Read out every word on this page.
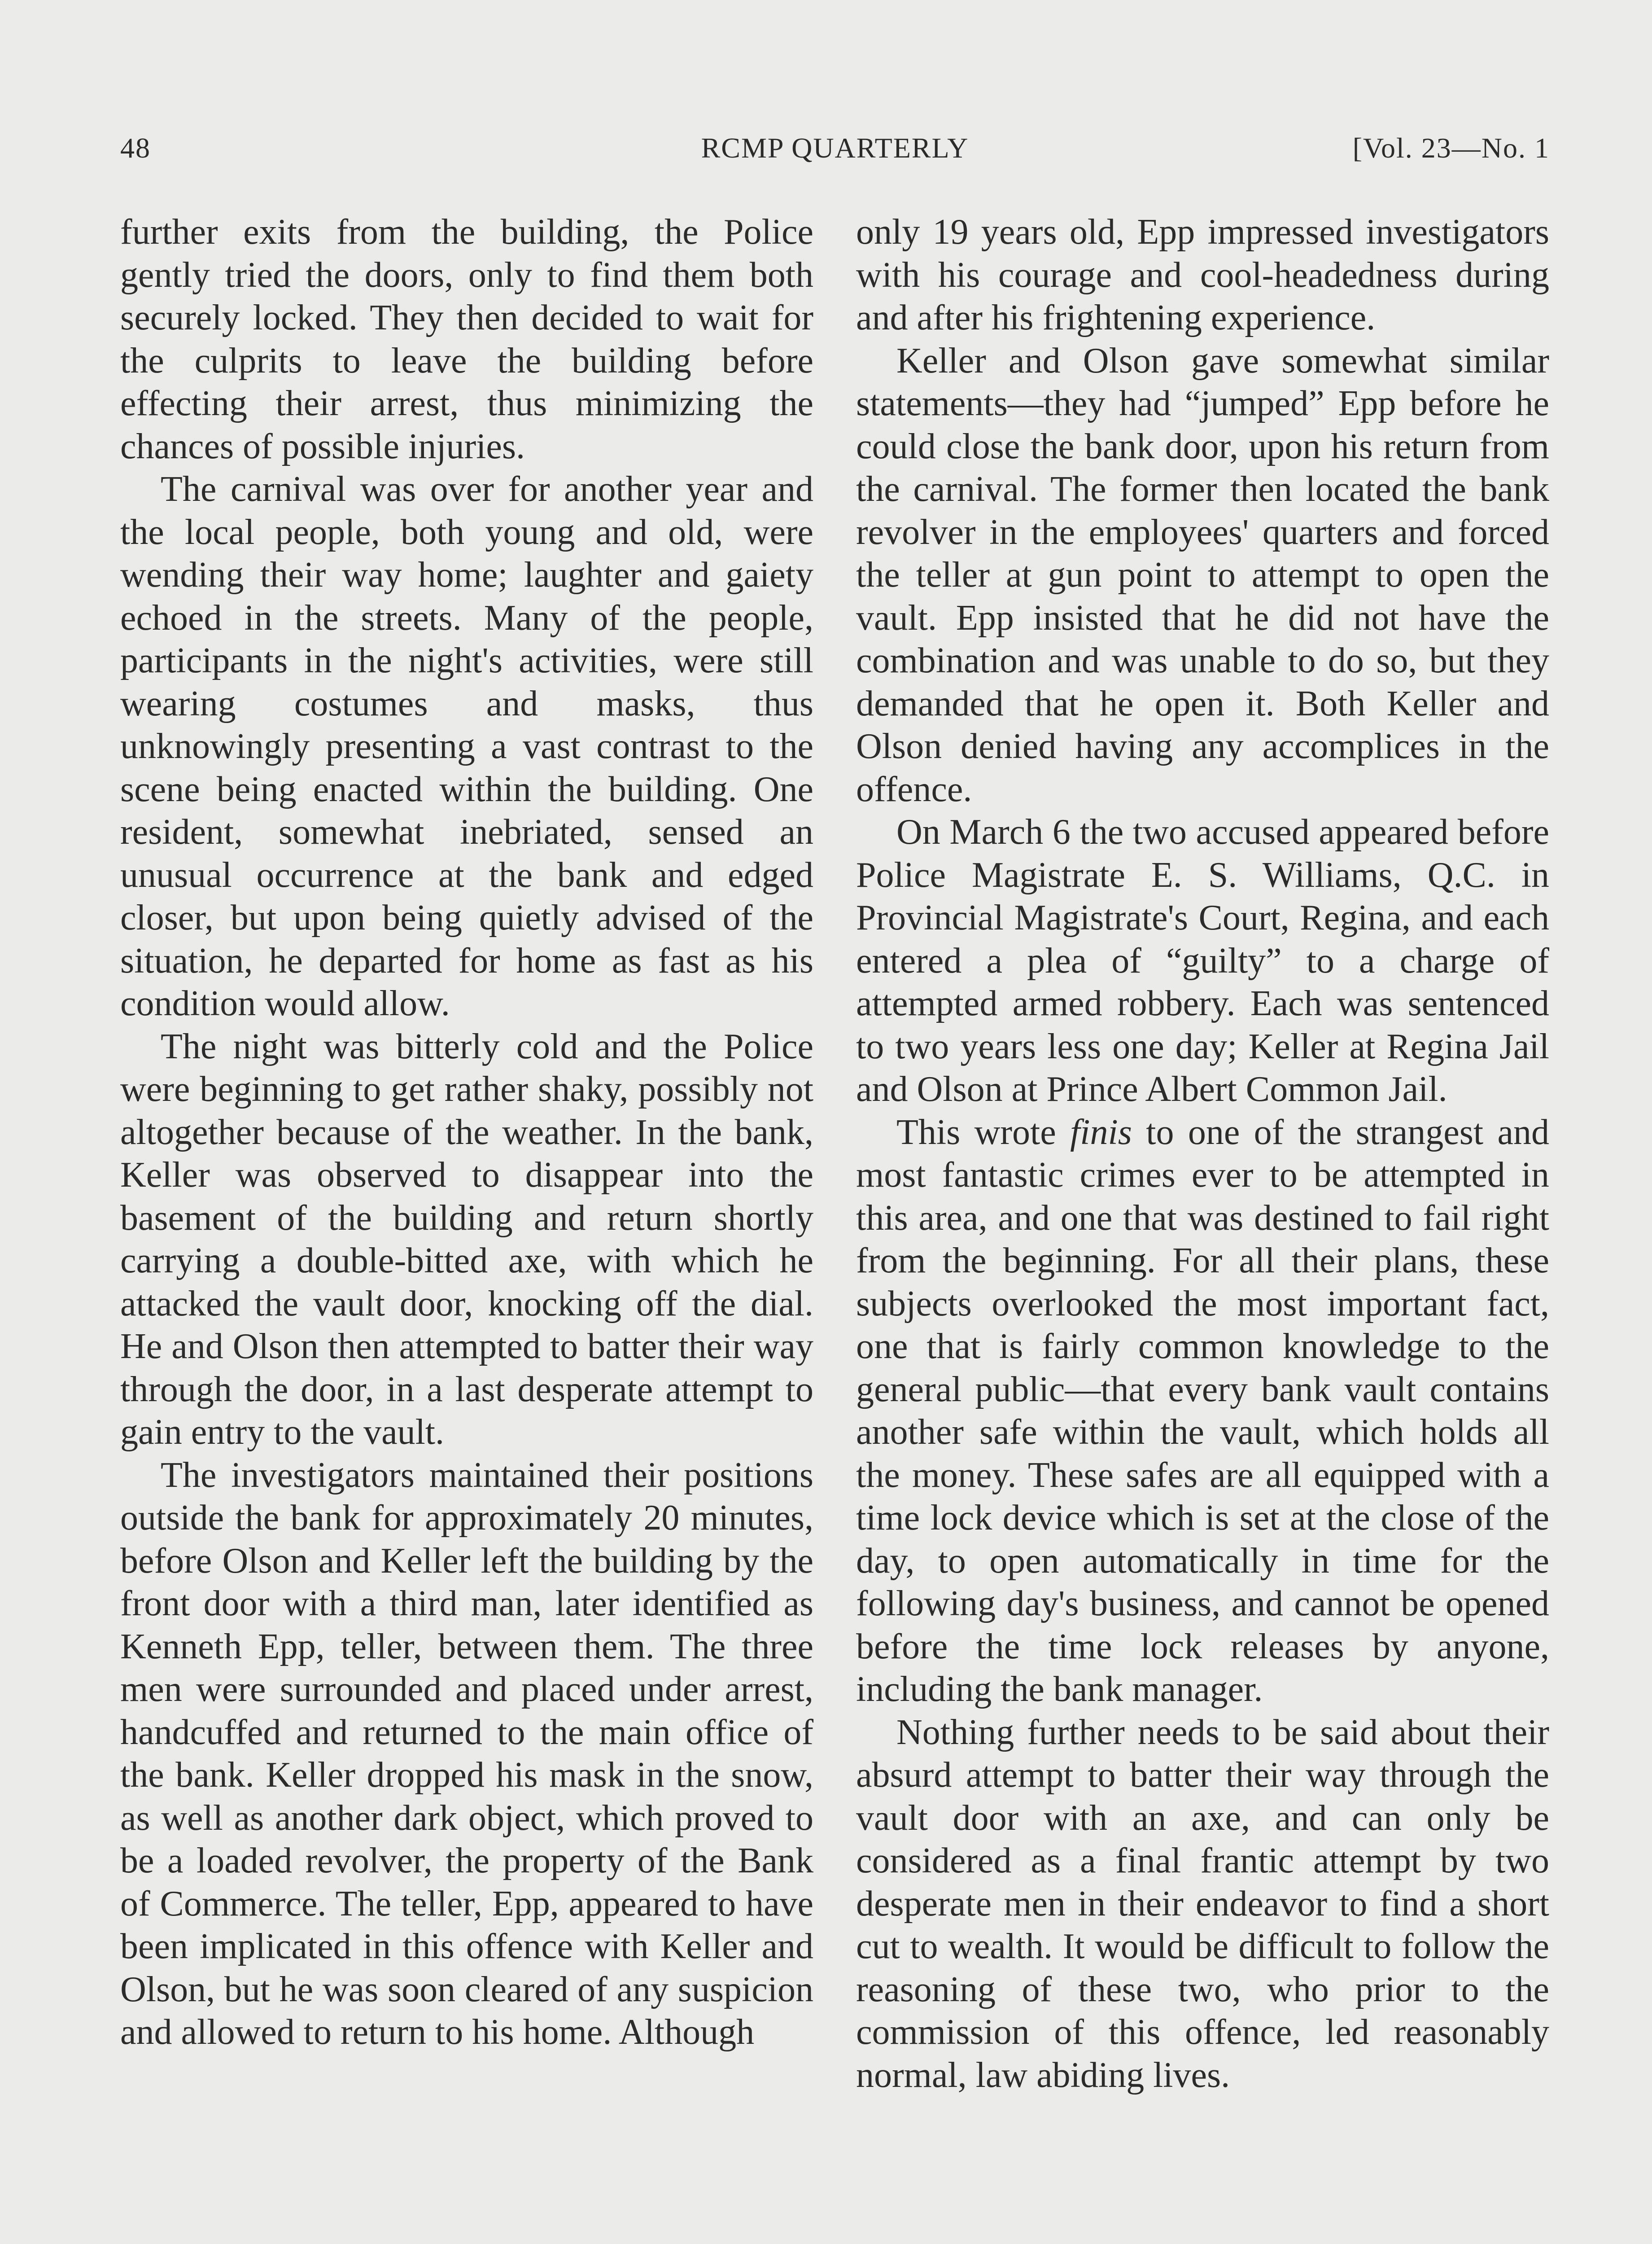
48	RCMP QUARTERLY	[Vol. 23—No. 1

further exits from the building, the Police gently tried the doors, only to find them both securely locked. They then decided to wait for the culprits to leave the building before effecting their arrest, thus minimizing the chances of possible injuries.

The carnival was over for another year and the local people, both young and old, were wending their way home; laughter and gaiety echoed in the streets. Many of the people, participants in the night's activities, were still wearing costumes and masks, thus unknowingly presenting a vast contrast to the scene being enacted within the building. One resident, somewhat inebriated, sensed an unusual occurrence at the bank and edged closer, but upon being quietly advised of the situation, he departed for home as fast as his condition would allow.

The night was bitterly cold and the Police were beginning to get rather shaky, possibly not altogether because of the weather. In the bank, Keller was observed to disappear into the basement of the building and return shortly carrying a double-bitted axe, with which he attacked the vault door, knocking off the dial. He and Olson then attempted to batter their way through the door, in a last desperate attempt to gain entry to the vault.

The investigators maintained their positions outside the bank for approximately 20 minutes, before Olson and Keller left the building by the front door with a third man, later identified as Kenneth Epp, teller, between them. The three men were surrounded and placed under arrest, handcuffed and returned to the main office of the bank. Keller dropped his mask in the snow, as well as another dark object, which proved to be a loaded revolver, the property of the Bank of Commerce. The teller, Epp, appeared to have been implicated in this offence with Keller and Olson, but he was soon cleared of any suspicion and allowed to return to his home. Although

only 19 years old, Epp impressed investigators with his courage and cool-headedness during and after his frightening experience.

Keller and Olson gave somewhat similar statements—they had “jumped” Epp before he could close the bank door, upon his return from the carnival. The former then located the bank revolver in the employees' quarters and forced the teller at gun point to attempt to open the vault. Epp insisted that he did not have the combination and was unable to do so, but they demanded that he open it. Both Keller and Olson denied having any accomplices in the offence.

On March 6 the two accused appeared before Police Magistrate E. S. Williams, Q.C. in Provincial Magistrate's Court, Regina, and each entered a plea of “guilty” to a charge of attempted armed robbery. Each was sentenced to two years less one day; Keller at Regina Jail and Olson at Prince Albert Common Jail.

This wrote finis to one of the strangest and most fantastic crimes ever to be attempted in this area, and one that was destined to fail right from the beginning. For all their plans, these subjects overlooked the most important fact, one that is fairly common knowledge to the general public—that every bank vault contains another safe within the vault, which holds all the money. These safes are all equipped with a time lock device which is set at the close of the day, to open automatically in time for the following day's business, and cannot be opened before the time lock releases by anyone, including the bank manager.

Nothing further needs to be said about their absurd attempt to batter their way through the vault door with an axe, and can only be considered as a final frantic attempt by two desperate men in their endeavor to find a short cut to wealth. It would be difficult to follow the reasoning of these two, who prior to the commission of this offence, led reasonably normal, law abiding lives.
